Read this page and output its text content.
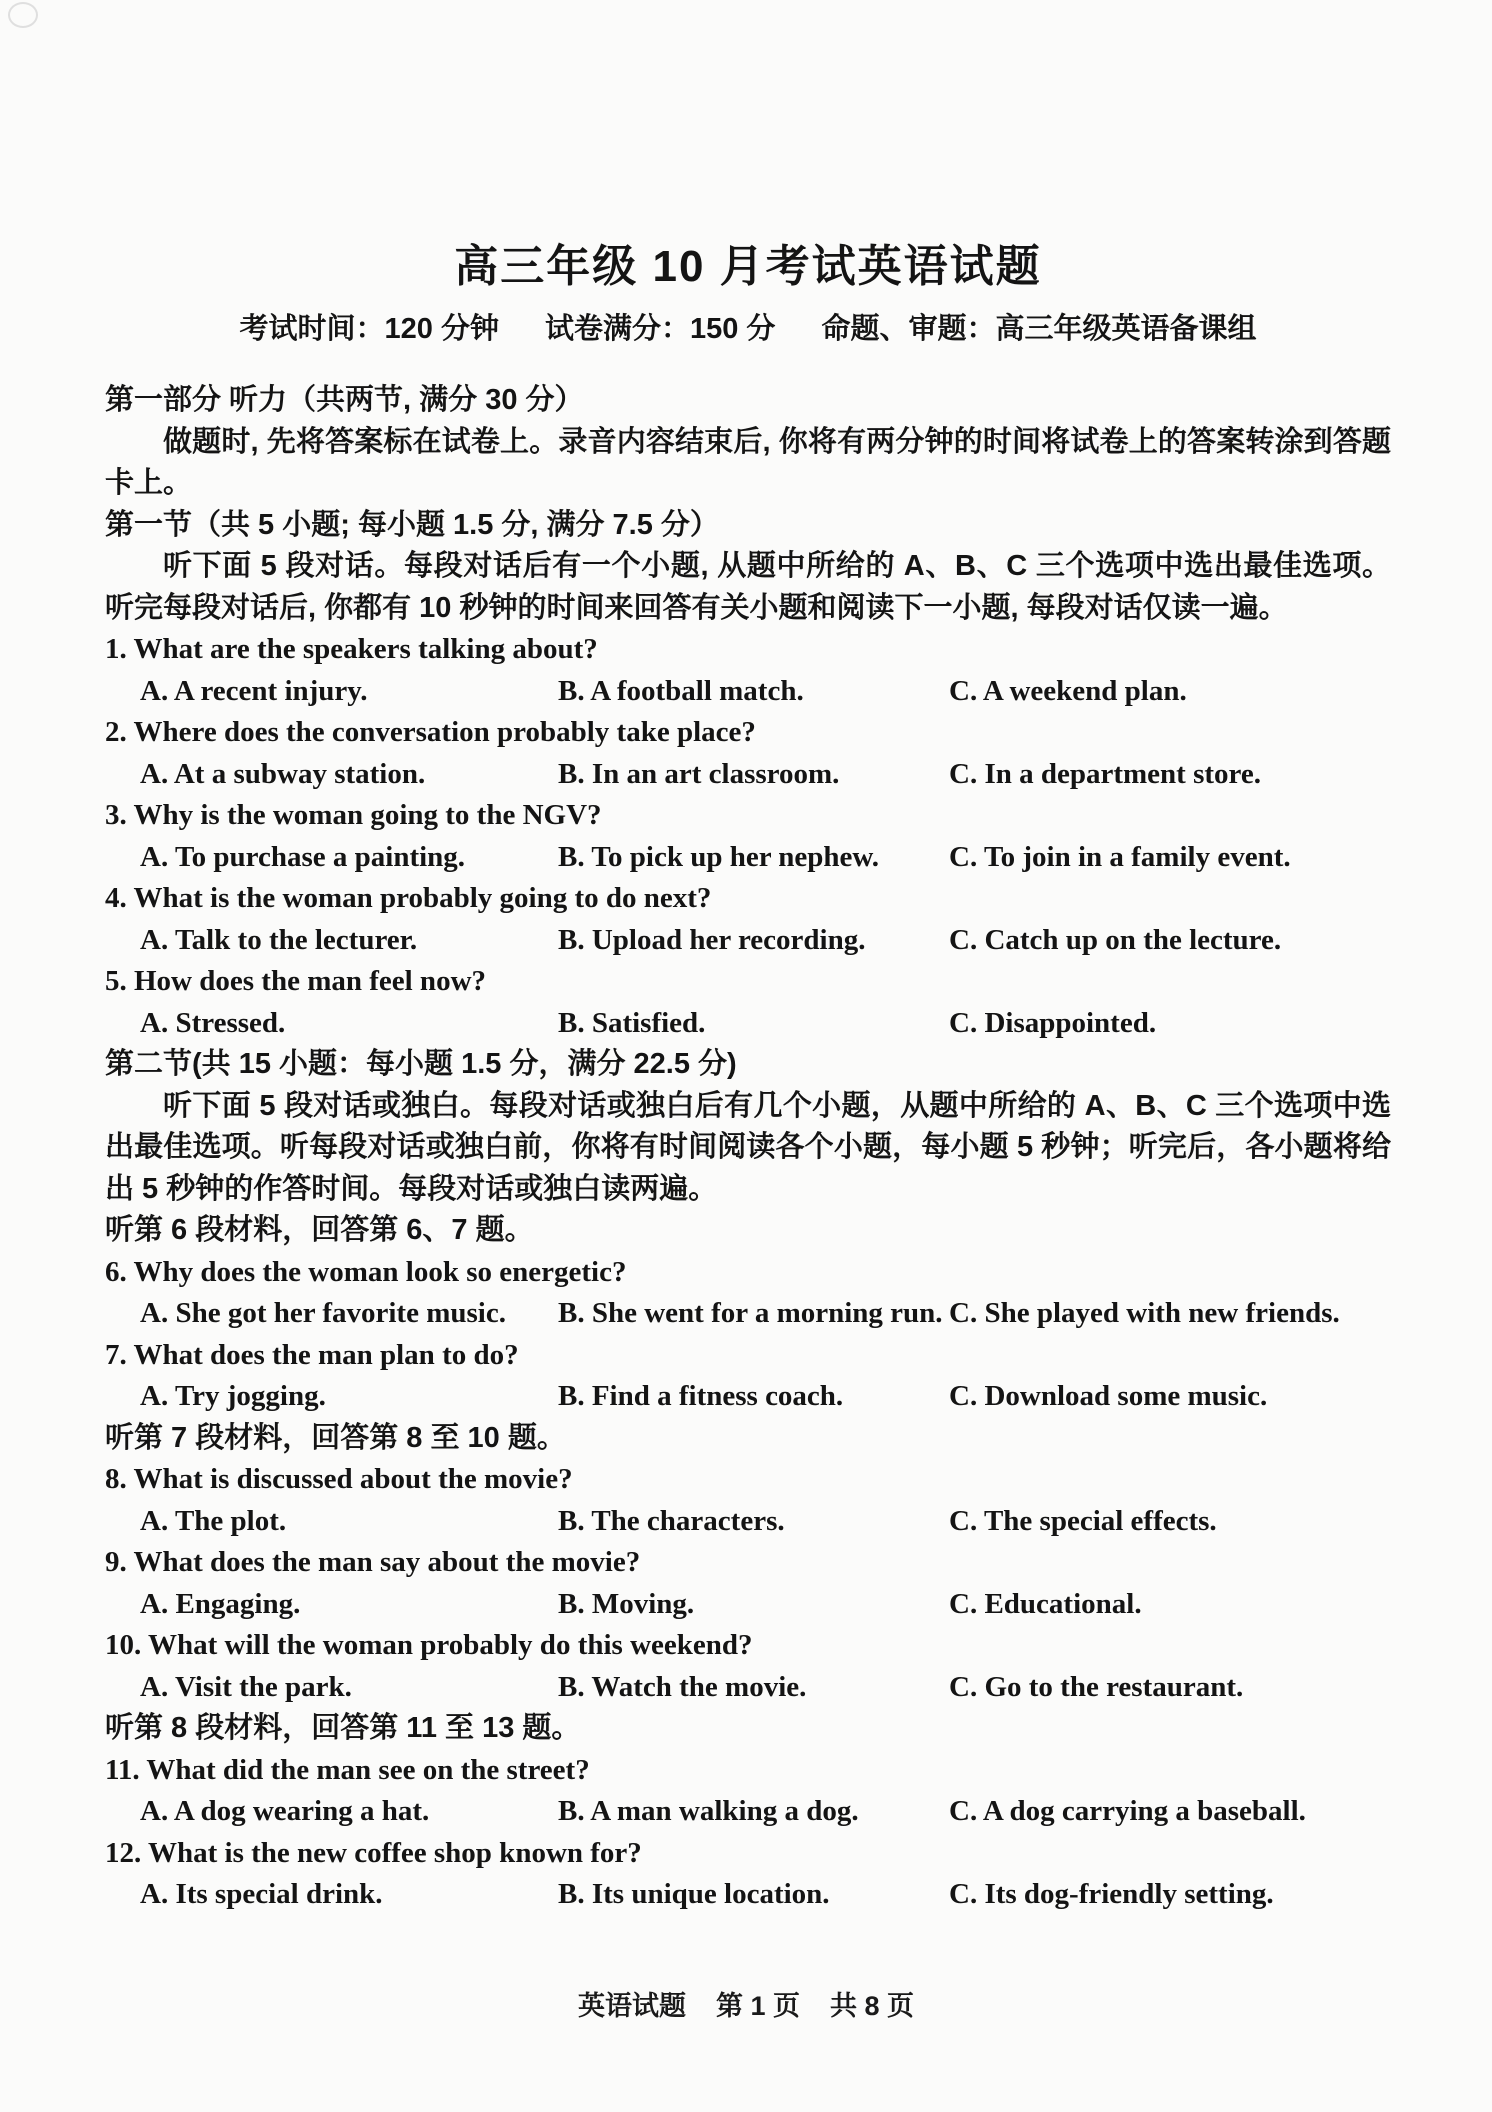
高三年级 10 月考试英语试题
考试时间：120 分钟 试卷满分：150 分 命题、审题：高三年级英语备课组
第一部分 听力（共两节, 满分 30 分）
做题时, 先将答案标在试卷上。录音内容结束后, 你将有两分钟的时间将试卷上的答案转涂到答题卡上。
第一节（共 5 小题; 每小题 1.5 分, 满分 7.5 分）
听下面 5 段对话。每段对话后有一个小题, 从题中所给的 A、B、C 三个选项中选出最佳选项。听完每段对话后, 你都有 10 秒钟的时间来回答有关小题和阅读下一小题, 每段对话仅读一遍。
1. What are the speakers talking about?
A. A recent injury.	B. A football match.	C. A weekend plan.
2. Where does the conversation probably take place?
A. At a subway station.	B. In an art classroom.	C. In a department store.
3. Why is the woman going to the NGV?
A. To purchase a painting.	B. To pick up her nephew.	C. To join in a family event.
4. What is the woman probably going to do next?
A. Talk to the lecturer.	B. Upload her recording.	C. Catch up on the lecture.
5. How does the man feel now?
A. Stressed.	B. Satisfied.	C. Disappointed.
第二节(共 15 小题：每小题 1.5 分，满分 22.5 分)
听下面 5 段对话或独白。每段对话或独白后有几个小题，从题中所给的 A、B、C 三个选项中选出最佳选项。听每段对话或独白前，你将有时间阅读各个小题，每小题 5 秒钟；听完后，各小题将给出 5 秒钟的作答时间。每段对话或独白读两遍。
听第 6 段材料，回答第 6、7 题。
6. Why does the woman look so energetic?
A. She got her favorite music.	B. She went for a morning run. C. She played with new friends.
7. What does the man plan to do?
A. Try jogging.	B. Find a fitness coach.	C. Download some music.
听第 7 段材料，回答第 8 至 10 题。
8. What is discussed about the movie?
A. The plot.	B. The characters.	C. The special effects.
9. What does the man say about the movie?
A. Engaging.	B. Moving.	C. Educational.
10. What will the woman probably do this weekend?
A. Visit the park.	B. Watch the movie.	C. Go to the restaurant.
听第 8 段材料，回答第 11 至 13 题。
11. What did the man see on the street?
A. A dog wearing a hat.	B. A man walking a dog.	C. A dog carrying a baseball.
12. What is the new coffee shop known for?
A. Its special drink.	B. Its unique location.	C. Its dog-friendly setting.
英语试题 第 1 页 共 8 页
